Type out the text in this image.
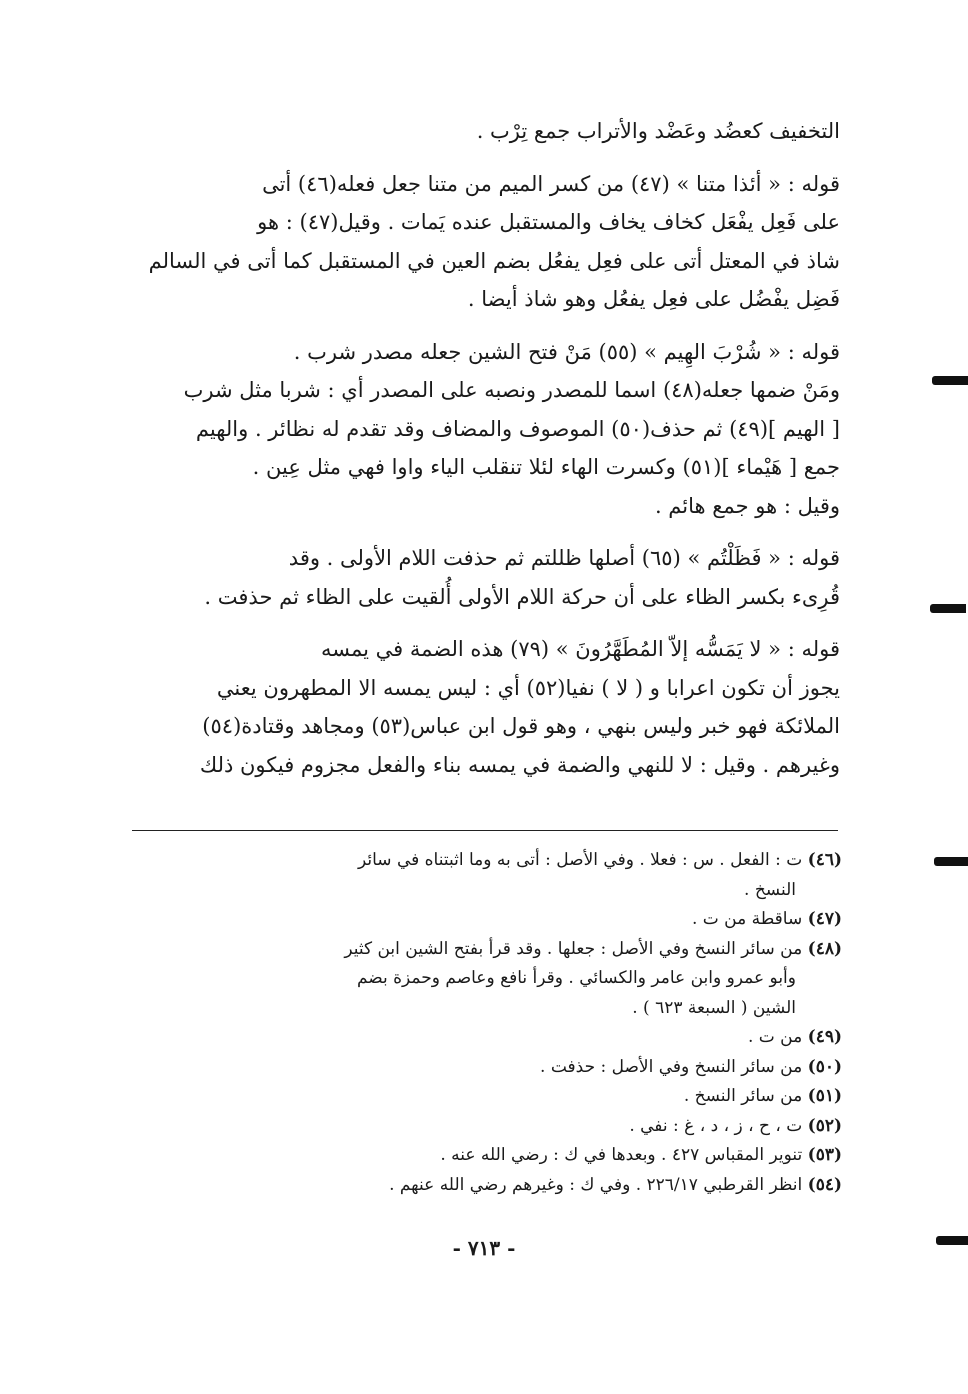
التخفيف كعضُد وعَضْد والأتراب جمع تِرْب .
قوله : « أئذا متنا » (٤٧) من كسر الميم من متنا جعل فعله(٤٦) أتى
على فَعِل يفْعَل كخاف يخاف والمستقبل عنده يَمات . وقيل(٤٧) : هو
شاذ في المعتل أتى على فعِل يفعُل بضم العين في المستقبل كما أتى في السالم
فَضِل يفْضُل على فعِل يفعُل وهو شاذ أيضا .
قوله : « شُرْبَ الهِيم » (٥٥) مَنْ فتح الشين جعله مصدر شرب .
ومَنْ ضمها جعله(٤٨) اسما للمصدر ونصبه على المصدر أي : شربا مثل شرب
[ الهيم ](٤٩) ثم حذف(٥٠) الموصوف والمضاف وقد تقدم له نظائر . والهيم
جمع [ هَيْماء ](٥١) وكسرت الهاء لئلا تنقلب الياء واوا فهي مثل عِين .
وقيل : هو جمع هائم .
قوله : « فَظَلْتُم » (٦٥) أصلها ظللتم ثم حذفت اللام الأولى . وقد
قُرِىء بكسر الظاء على أن حركة اللام الأولى أُلقيت على الظاء ثم حذفت .
قوله : « لا يَمَسُّه إلاّ المُطَهَّرُونَ » (٧٩) هذه الضمة في يمسه
يجوز أن تكون اعرابا و ( لا ) نفيا(٥٢) أي : ليس يمسه الا المطهرون يعني
الملائكة فهو خبر وليس بنهي ، وهو قول ابن عباس(٥٣) ومجاهد وقتادة(٥٤)
وغيرهم . وقيل : لا للنهي والضمة في يمسه بناء والفعل مجزوم فيكون ذلك
(٤٦) ت : الفعل . س : فعلا . وفي الأصل : أتى به وما اثبتناه في سائر
النسخ .
(٤٧) ساقطة من ت .
(٤٨) من سائر النسخ وفي الأصل : جعلها . وقد قرأ بفتح الشين ابن كثير
وأبو عمرو وابن عامر والكسائي . وقرأ نافع وعاصم وحمزة بضم
الشين ( السبعة ٦٢٣ ) .
(٤٩) من ت .
(٥٠) من سائر النسخ وفي الأصل : حذفت .
(٥١) من سائر النسخ .
(٥٢) ت ، ح ، ز ، د ، غ : نفي .
(٥٣) تنوير المقباس ٤٢٧ . وبعدها في ك : رضي الله عنه .
(٥٤) انظر القرطبي ٢٢٦/١٧ . وفي ك : وغيرهم رضي الله عنهم .
- ٧١٣ -
